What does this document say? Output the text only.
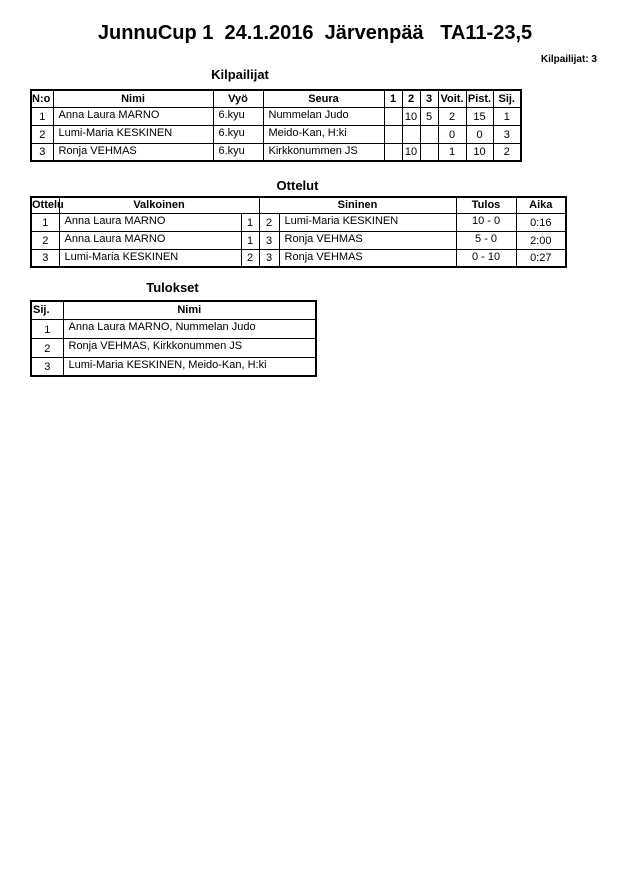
JunnuCup 1  24.1.2016  Järvenpää   TA11-23,5
Kilpailijat: 3
Kilpailijat
N:o	Nimi	Vyö	Seura	1	2	3	Voit.	Pist.	Sij.
1	Anna Laura MARNO	6.kyu	Nummelan Judo		10	5	2	15	1
2	Lumi-Maria KESKINEN	6.kyu	Meido-Kan, H:ki				0	0	3
3	Ronja VEHMAS	6.kyu	Kirkkonummen JS		10		1	10	2
Ottelut
Ottelu	Valkoinen		Sininen		Tulos	Aika
1	Anna Laura MARNO	1	2	Lumi-Maria KESKINEN	10 - 0	0:16
2	Anna Laura MARNO	1	3	Ronja VEHMAS	5 - 0	2:00
3	Lumi-Maria KESKINEN	2	3	Ronja VEHMAS	0 - 10	0:27
Tulokset
Sij.	Nimi
1	Anna Laura MARNO, Nummelan Judo
2	Ronja VEHMAS, Kirkkonummen JS
3	Lumi-Maria KESKINEN, Meido-Kan, H:ki
